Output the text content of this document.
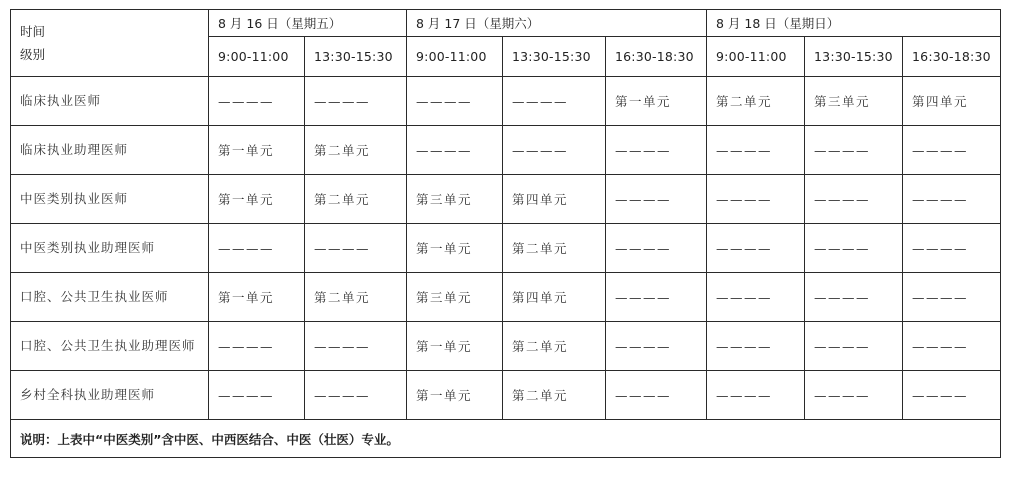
时间
级别	8 月 16 日（星期五）		8 月 17 日（星期六）			8 月 18 日（星期日）		
	9:00-11:00	13:30-15:30	9:00-11:00	13:30-15:30	16:30-18:30	9:00-11:00	13:30-15:30	16:30-18:30
临床执业医师	————	————	————	————	第一单元	第二单元	第三单元	第四单元
临床执业助理医师	第一单元	第二单元	————	————	————	————	————	————
中医类别执业医师	第一单元	第二单元	第三单元	第四单元	————	————	————	————
中医类别执业助理医师	————	————	第一单元	第二单元	————	————	————	————
口腔、公共卫生执业医师	第一单元	第二单元	第三单元	第四单元	————	————	————	————
口腔、公共卫生执业助理医师	————	————	第一单元	第二单元	————	————	————	————
乡村全科执业助理医师	————	————	第一单元	第二单元	————	————	————	————
说明：上表中“中医类别”含中医、中西医结合、中医（壮医）专业。								
